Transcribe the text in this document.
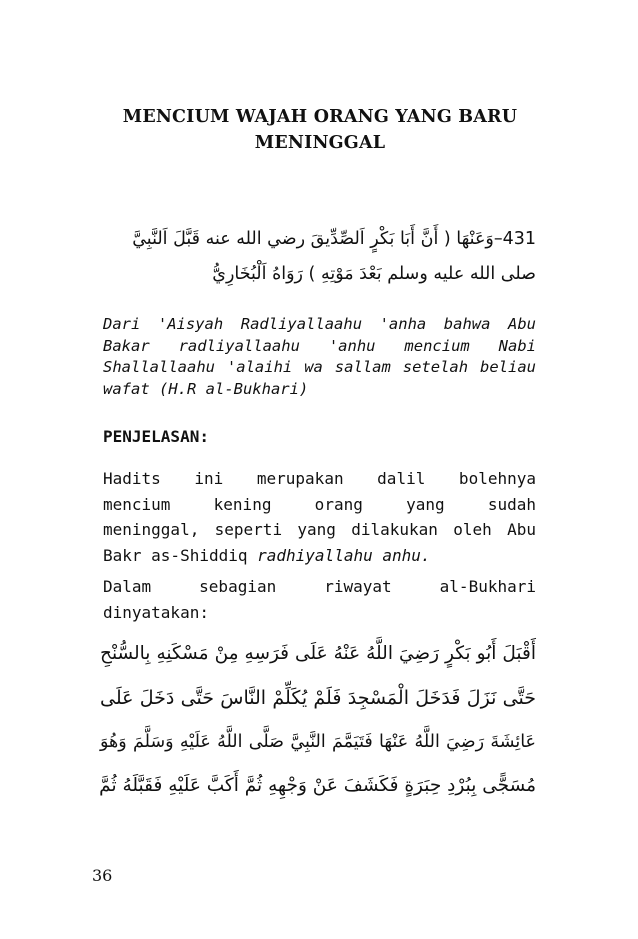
MENCIUM WAJAH ORANG YANG BARU
MENINGGAL
431–وَعَنْهَا ( أَنَّ أَبَا بَكْرٍ اَلصِّدِّيقَ رضي الله عنه قَبَّلَ اَلنَّبِيَّ
صلى الله عليه وسلم بَعْدَ مَوْتِهِ ) رَوَاهُ اَلْبُخَارِيُّ
Dari 'Aisyah Radliyallaahu 'anha bahwa Abu
Bakar radliyallaahu 'anhu mencium Nabi
Shallallaahu 'alaihi wa sallam setelah beliau
wafat (H.R al-Bukhari)
PENJELASAN:
Hadits ini merupakan dalil bolehnya
mencium kening orang yang sudah
meninggal, seperti yang dilakukan oleh Abu
Bakr as-Shiddiq radhiyallahu anhu.
Dalam sebagian riwayat al-Bukhari
dinyatakan:
أَقْبَلَ أَبُو بَكْرٍ رَضِيَ اللَّهُ عَنْهُ عَلَى فَرَسِهِ مِنْ مَسْكَنِهِ بِالسُّنْحِ
حَتَّى نَزَلَ فَدَخَلَ الْمَسْجِدَ فَلَمْ يُكَلِّمْ النَّاسَ حَتَّى دَخَلَ عَلَى
عَائِشَةَ رَضِيَ اللَّهُ عَنْهَا فَتَيَمَّمَ النَّبِيَّ صَلَّى اللَّهُ عَلَيْهِ وَسَلَّمَ وَهُوَ
مُسَجًّى بِبُرْدِ حِبَرَةٍ فَكَشَفَ عَنْ وَجْهِهِ ثُمَّ أَكَبَّ عَلَيْهِ فَقَبَّلَهُ ثُمَّ
36
